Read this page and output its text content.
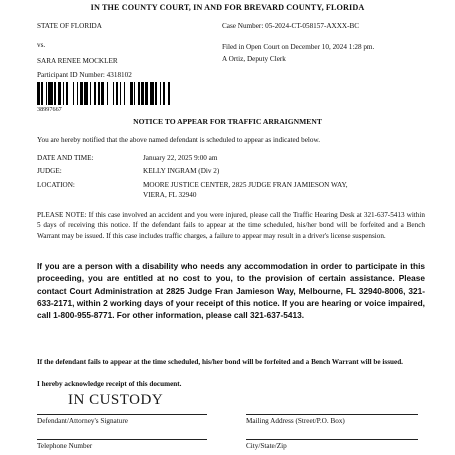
IN THE COUNTY COURT, IN AND FOR BREVARD COUNTY, FLORIDA
STATE OF FLORIDA
vs.
SARA RENEE MOCKLER
Participant ID Number: 4318102
Case Number: 05-2024-CT-058157-AXXX-BC
Filed in Open Court on December 10, 2024 1:28 pm.
A Ortiz, Deputy Clerk
38997667
NOTICE TO APPEAR FOR TRAFFIC ARRAIGNMENT
You are hereby notified that the above named defendant is scheduled to appear as indicated below.
DATE AND TIME:	January 22, 2025 9:00 am
JUDGE:	KELLY INGRAM (Div 2)
LOCATION:	MOORE JUSTICE CENTER, 2825 JUDGE FRAN JAMIESON WAY,
VIERA, FL 32940
PLEASE NOTE: If this case involved an accident and you were injured, please call the Traffic Hearing Desk at 321-637-5413 within 5 days of receiving this notice. If the defendant fails to appear at the time scheduled, his/her bond will be forfeited and a Bench Warrant may be issued. If this case includes traffic charges, a failure to appear may result in a driver's license suspension.
If you are a person with a disability who needs any accommodation in order to participate in this proceeding, you are entitled at no cost to you, to the provision of certain assistance. Please contact Court Administration at 2825 Judge Fran Jamieson Way, Melbourne, FL 32940-8006, 321-633-2171, within 2 working days of your receipt of this notice. If you are hearing or voice impaired, call 1-800-955-8771. For other information, please call 321-637-5413.
If the defendant fails to appear at the time scheduled, his/her bond will be forfeited and a Bench Warrant will be issued.
I hereby acknowledge receipt of this document.
IN CUSTODY
Defendant/Attorney's Signature	Mailing Address (Street/P.O. Box)
Telephone Number	City/State/Zip
